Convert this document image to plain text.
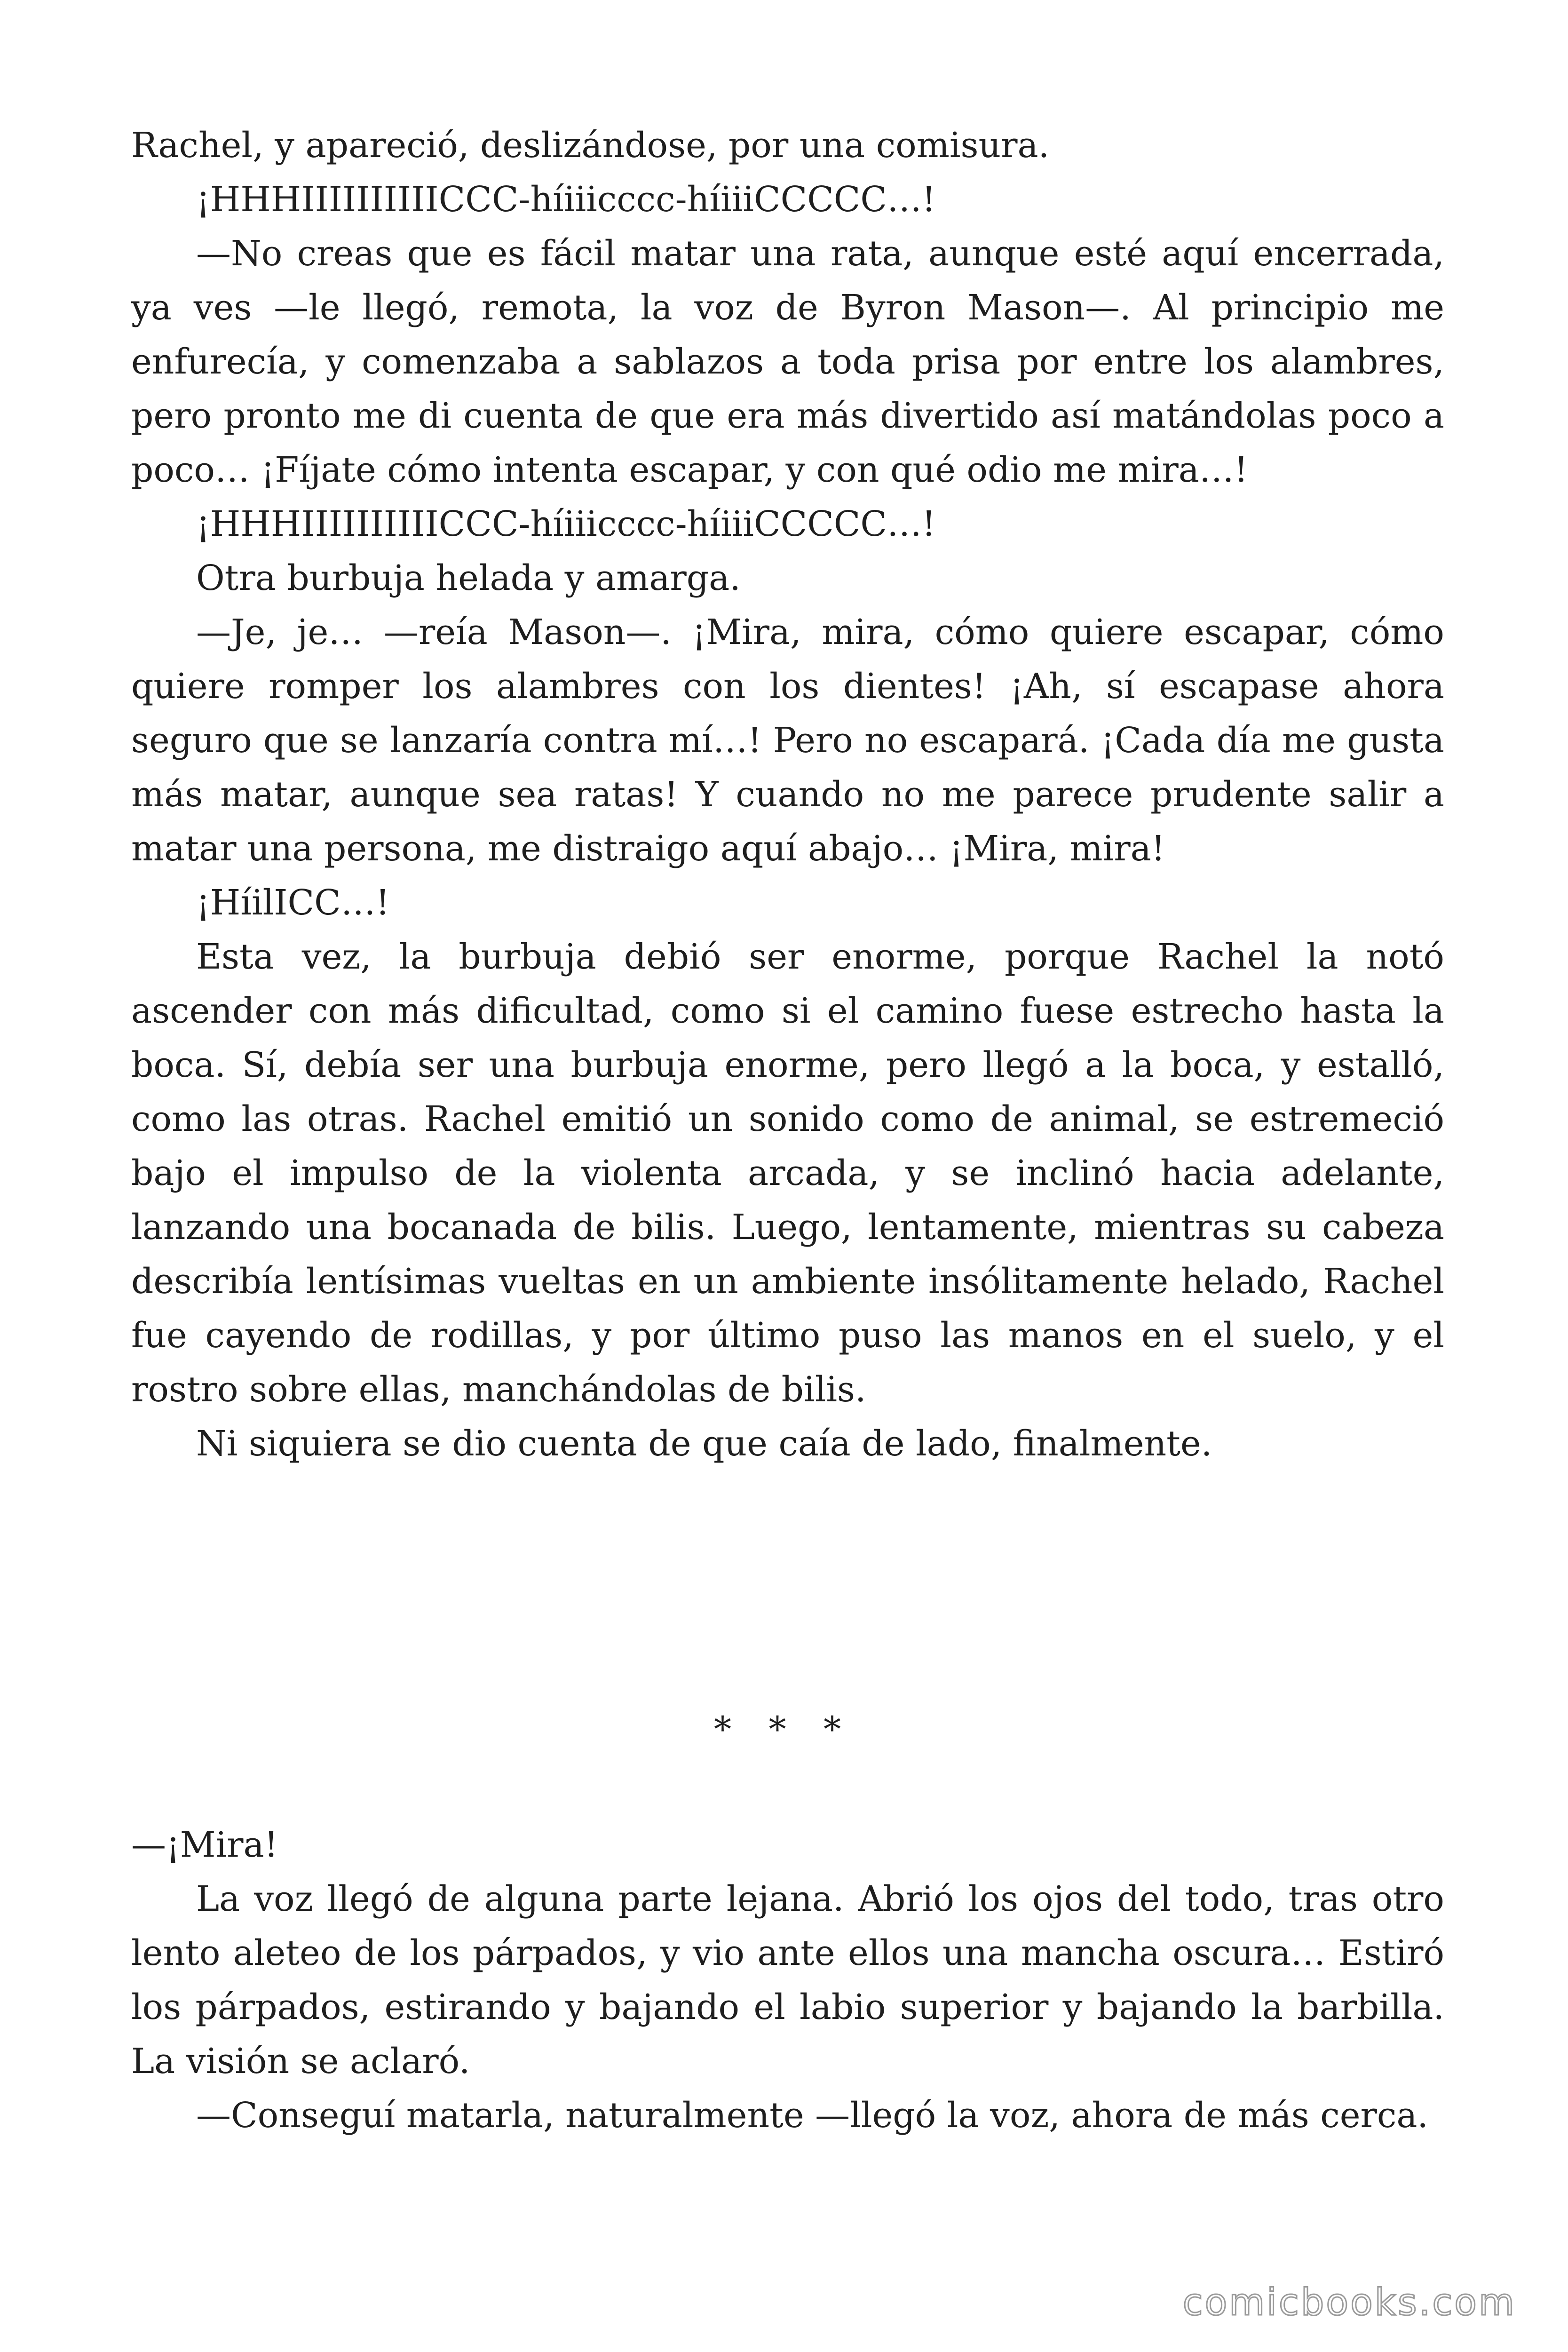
Rachel, y apareció, deslizándose, por una comisura.

¡HHHIIIIIIIIIICCC-híiiicccc-híiiiCCCCC…!

—No creas que es fácil matar una rata, aunque esté aquí encerrada, ya ves —le llegó, remota, la voz de Byron Mason—. Al principio me enfurecía, y comenzaba a sablazos a toda prisa por entre los alambres, pero pronto me di cuenta de que era más divertido así matándolas poco a poco… ¡Fíjate cómo intenta escapar, y con qué odio me mira…!

¡HHHIIIIIIIIIICCC-híiiicccc-híiiiCCCCC…!

Otra burbuja helada y amarga.

—Je, je… —reía Mason—. ¡Mira, mira, cómo quiere escapar, cómo quiere romper los alambres con los dientes! ¡Ah, sí escapase ahora seguro que se lanzaría contra mí…! Pero no escapará. ¡Cada día me gusta más matar, aunque sea ratas! Y cuando no me parece prudente salir a matar una persona, me distraigo aquí abajo… ¡Mira, mira!

¡HíilICC…!

Esta vez, la burbuja debió ser enorme, porque Rachel la notó ascender con más dificultad, como si el camino fuese estrecho hasta la boca. Sí, debía ser una burbuja enorme, pero llegó a la boca, y estalló, como las otras. Rachel emitió un sonido como de animal, se estremeció bajo el impulso de la violenta arcada, y se inclinó hacia adelante, lanzando una bocanada de bilis. Luego, lentamente, mientras su cabeza describía lentísimas vueltas en un ambiente insólitamente helado, Rachel fue cayendo de rodillas, y por último puso las manos en el suelo, y el rostro sobre ellas, manchándolas de bilis.

Ni siquiera se dio cuenta de que caía de lado, finalmente.

* * *

—¡Mira!

La voz llegó de alguna parte lejana. Abrió los ojos del todo, tras otro lento aleteo de los párpados, y vio ante ellos una mancha oscura… Estiró los párpados, estirando y bajando el labio superior y bajando la barbilla. La visión se aclaró.

—Conseguí matarla, naturalmente —llegó la voz, ahora de más cerca.

comicbooks.com
